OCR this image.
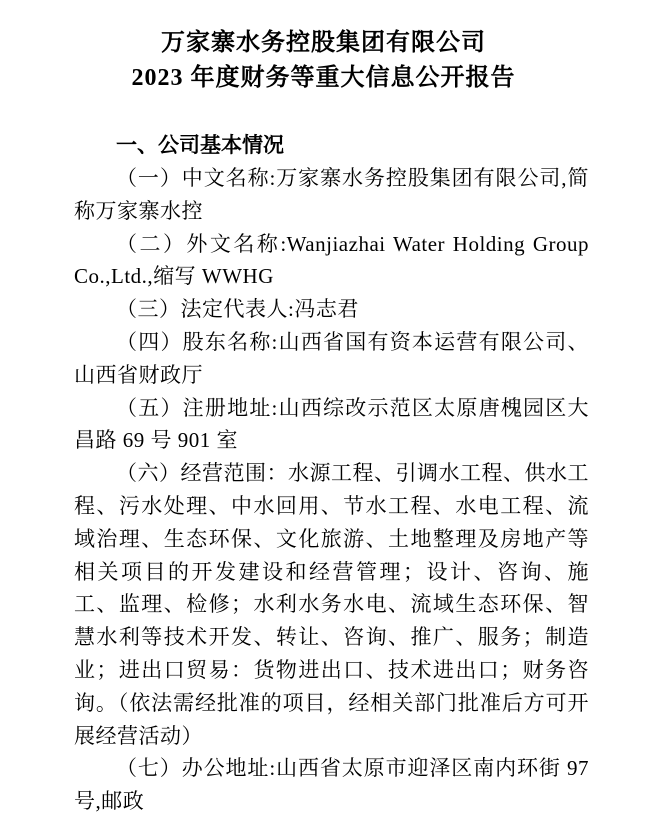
万家寨水务控股集团有限公司
2023 年度财务等重大信息公开报告
一、公司基本情况

（一）中文名称:万家寨水务控股集团有限公司,简称万家寨水控

（二）外文名称:Wanjiazhai Water Holding Group Co.,Ltd.,缩写 WWHG

（三）法定代表人:冯志君

（四）股东名称:山西省国有资本运营有限公司、山西省财政厅

（五）注册地址:山西综改示范区太原唐槐园区大昌路 69 号 901 室

（六）经营范围：水源工程、引调水工程、供水工程、污水处理、中水回用、节水工程、水电工程、流域治理、生态环保、文化旅游、土地整理及房地产等相关项目的开发建设和经营管理；设计、咨询、施工、监理、检修；水利水务水电、流域生态环保、智慧水利等技术开发、转让、咨询、推广、服务；制造业；进出口贸易：货物进出口、技术进出口；财务咨询。（依法需经批准的项目，经相关部门批准后方可开展经营活动）

（七）办公地址:山西省太原市迎泽区南内环街 97 号,邮政
